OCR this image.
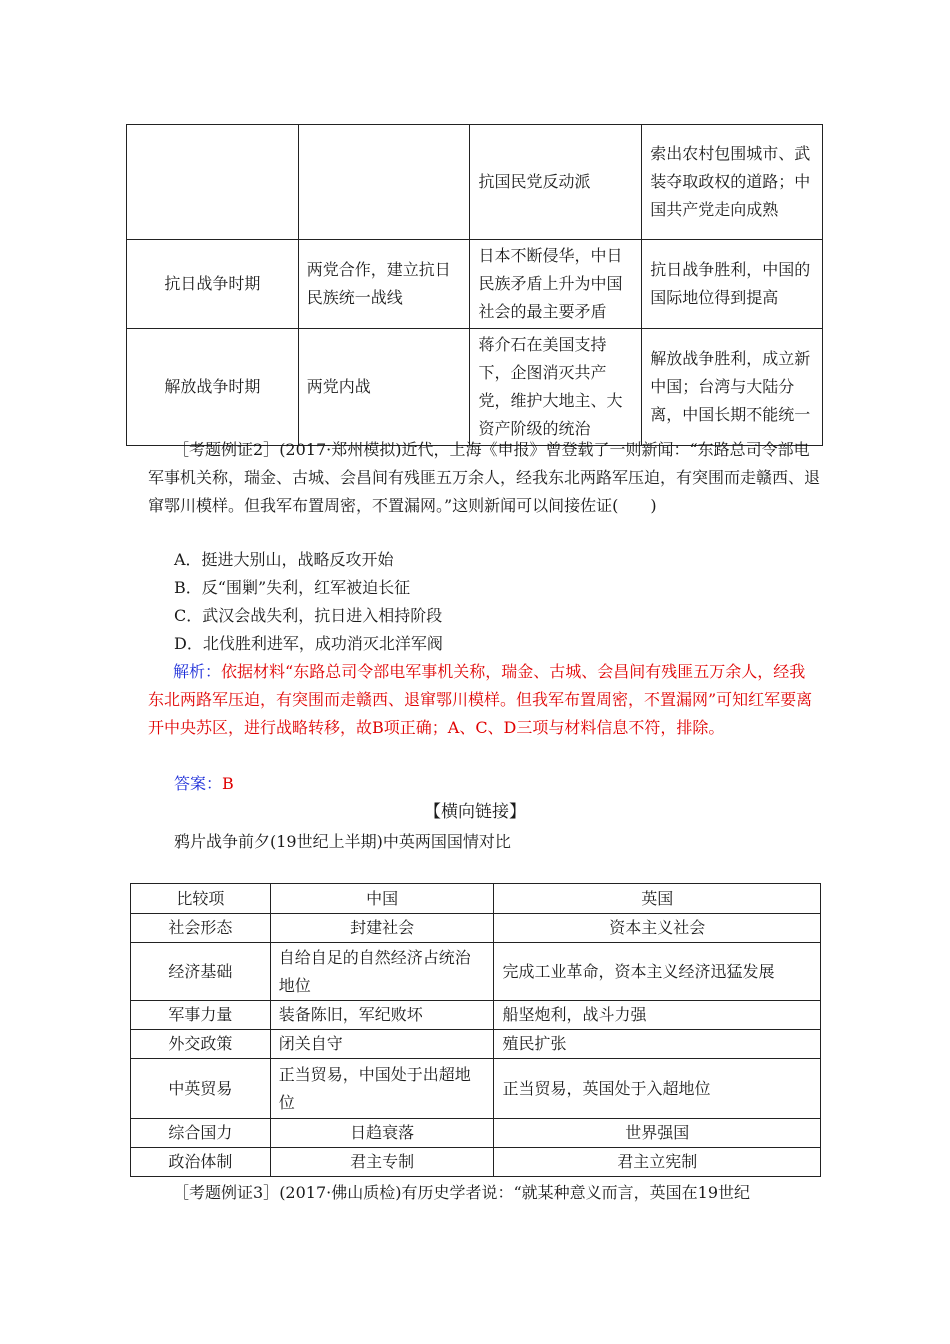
		抗国民党反动派	索出农村包围城市、武装夺取政权的道路；中国共产党走向成熟
抗日战争时期	两党合作，建立抗日民族统一战线	日本不断侵华，中日民族矛盾上升为中国社会的最主要矛盾	抗日战争胜利，中国的国际地位得到提高
解放战争时期	两党内战	蒋介石在美国支持下，企图消灭共产党，维护大地主、大资产阶级的统治	解放战争胜利，成立新中国；台湾与大陆分离，中国长期不能统一
［考题例证2］(2017·郑州模拟)近代，上海《申报》曾登载了一则新闻：“东路总司令部电军事机关称，瑞金、古城、会昌间有残匪五万余人，经我东北两路军压迫，有突围而走赣西、退窜鄂川模样。但我军布置周密，不置漏网。”这则新闻可以间接佐证(　　)
A．挺进大别山，战略反攻开始
B．反“围剿”失利，红军被迫长征
C．武汉会战失利，抗日进入相持阶段
D．北伐胜利进军，成功消灭北洋军阀
解析：依据材料“东路总司令部电军事机关称，瑞金、古城、会昌间有残匪五万余人，经我东北两路军压迫，有突围而走赣西、退窜鄂川模样。但我军布置周密，不置漏网”可知红军要离开中央苏区，进行战略转移，故B项正确；A、C、D三项与材料信息不符，排除。
答案：B
【横向链接】
鸦片战争前夕(19世纪上半期)中英两国国情对比
比较项	中国	英国
社会形态	封建社会	资本主义社会
经济基础	自给自足的自然经济占统治地位	完成工业革命，资本主义经济迅猛发展
军事力量	装备陈旧，军纪败坏	船坚炮利，战斗力强
外交政策	闭关自守	殖民扩张
中英贸易	正当贸易，中国处于出超地位	正当贸易，英国处于入超地位
综合国力	日趋衰落	世界强国
政治体制	君主专制	君主立宪制
［考题例证3］(2017·佛山质检)有历史学者说：“就某种意义而言，英国在19世纪
